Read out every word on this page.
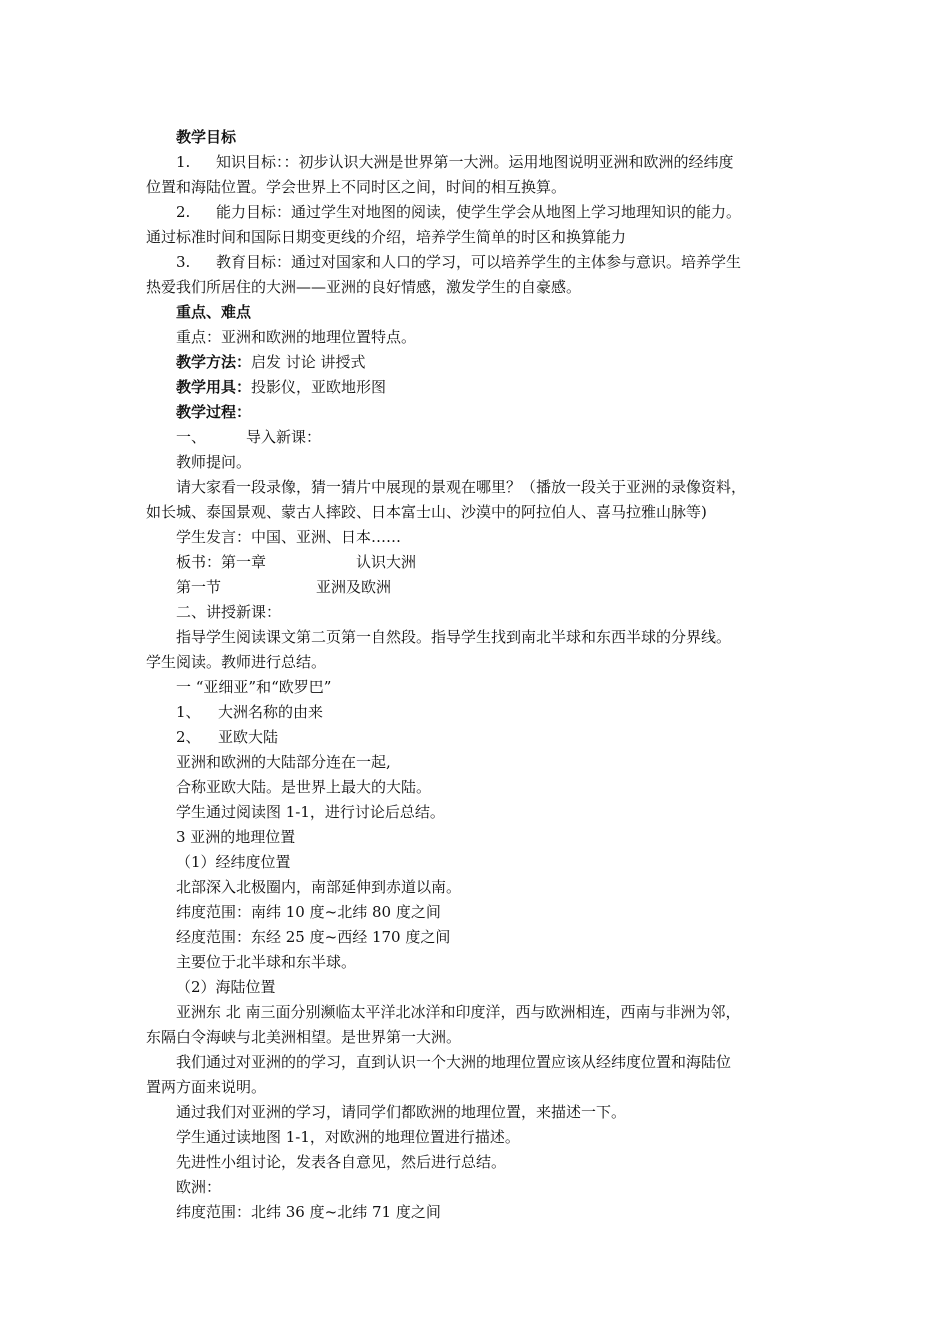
教学目标
1. 知识目标：：初步认识大洲是世界第一大洲。运用地图说明亚洲和欧洲的经纬度
位置和海陆位置。学会世界上不同时区之间，时间的相互换算。
2. 能力目标：通过学生对地图的阅读，使学生学会从地图上学习地理知识的能力。
通过标准时间和国际日期变更线的介绍，培养学生简单的时区和换算能力
3. 教育目标：通过对国家和人口的学习，可以培养学生的主体参与意识。培养学生
热爱我们所居住的大洲——亚洲的良好情感，激发学生的自豪感。
重点、难点
重点：亚洲和欧洲的地理位置特点。
教学方法：启发 讨论 讲授式
教学用具：投影仪，亚欧地形图
教学过程：
一、	导入新课：
教师提问。
请大家看一段录像，猜一猜片中展现的景观在哪里？（播放一段关于亚洲的录像资料，
如长城、泰国景观、蒙古人摔跤、日本富士山、沙漠中的阿拉伯人、喜马拉雅山脉等)
学生发言：中国、亚洲、日本……
板书：第一章	认识大洲
第一节	亚洲及欧洲
二、讲授新课：
指导学生阅读课文第二页第一自然段。指导学生找到南北半球和东西半球的分界线。
学生阅读。教师进行总结。
一 “亚细亚”和“欧罗巴”
1、 大洲名称的由来
2、 亚欧大陆
亚洲和欧洲的大陆部分连在一起,
合称亚欧大陆。是世界上最大的大陆。
学生通过阅读图 1-1，进行讨论后总结。
3 亚洲的地理位置
（1）经纬度位置
北部深入北极圈内，南部延伸到赤道以南。
纬度范围：南纬 10 度~北纬 80 度之间
经度范围：东经 25 度~西经 170 度之间
主要位于北半球和东半球。
（2）海陆位置
亚洲东 北 南三面分别濒临太平洋北冰洋和印度洋，西与欧洲相连，西南与非洲为邻，
东隔白令海峡与北美洲相望。是世界第一大洲。
我们通过对亚洲的的学习，直到认识一个大洲的地理位置应该从经纬度位置和海陆位
置两方面来说明。
通过我们对亚洲的学习，请同学们都欧洲的地理位置，来描述一下。
学生通过读地图 1-1，对欧洲的地理位置进行描述。
先进性小组讨论，发表各自意见，然后进行总结。
欧洲：
纬度范围：北纬 36 度~北纬 71 度之间
